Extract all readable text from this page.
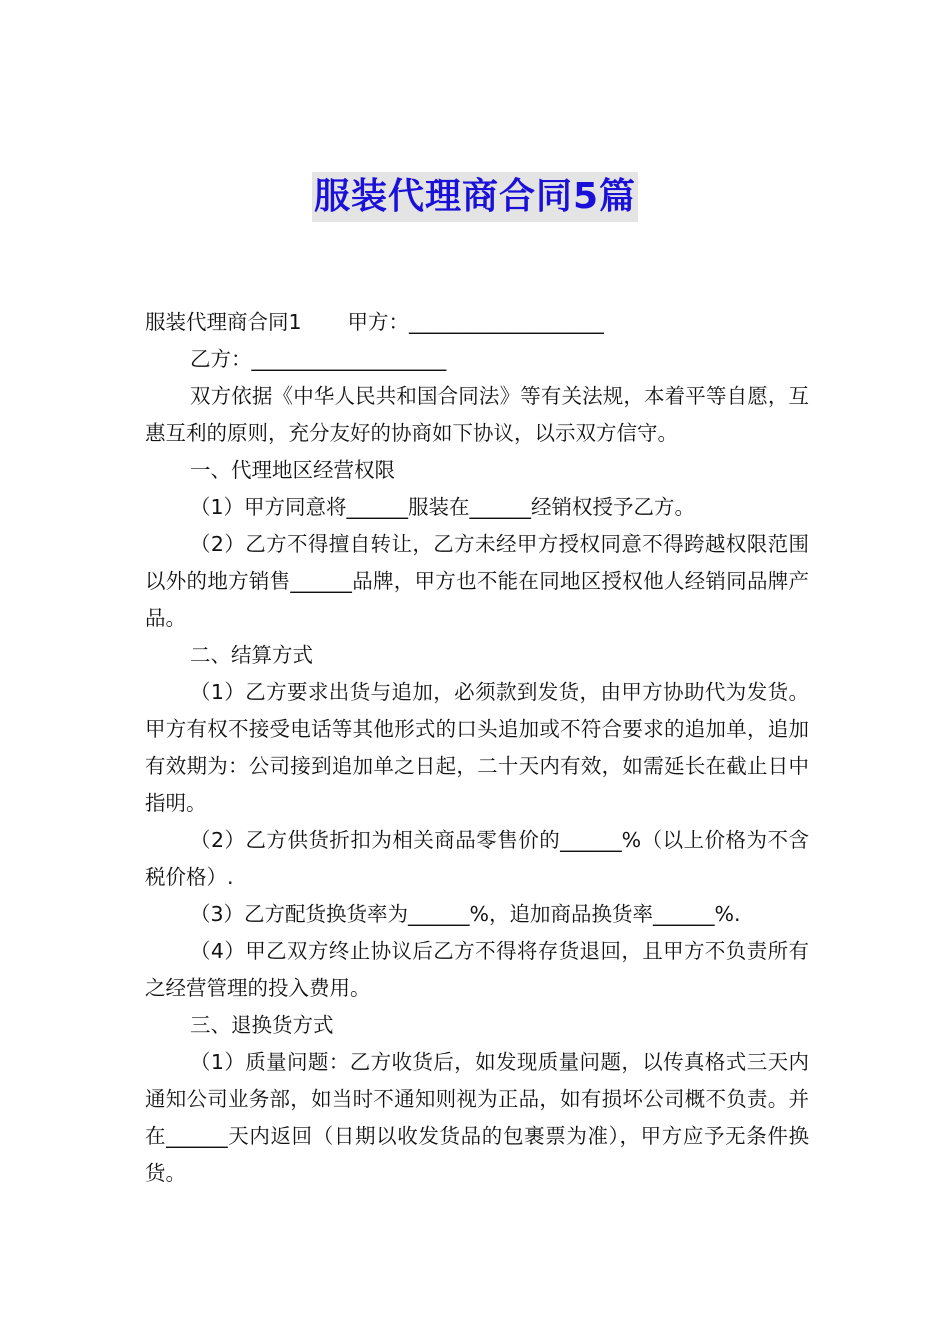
服装代理商合同5篇

服装代理商合同1 甲方：___________________

乙方：___________________

双方依据《中华人民共和国合同法》等有关法规，本着平等自愿，互惠互利的原则，充分友好的协商如下协议，以示双方信守。

一、代理地区经营权限

（1）甲方同意将______服装在______经销权授予乙方。

（2）乙方不得擅自转让，乙方未经甲方授权同意不得跨越权限范围以外的地方销售______品牌，甲方也不能在同地区授权他人经销同品牌产品。

二、结算方式

（1）乙方要求出货与追加，必须款到发货，由甲方协助代为发货。甲方有权不接受电话等其他形式的口头追加或不符合要求的追加单，追加有效期为：公司接到追加单之日起，二十天内有效，如需延长在截止日中指明。

（2）乙方供货折扣为相关商品零售价的______%（以上价格为不含税价格）.

（3）乙方配货换货率为______%，追加商品换货率______%.

（4）甲乙双方终止协议后乙方不得将存货退回，且甲方不负责所有之经营管理的投入费用。

三、退换货方式

（1）质量问题：乙方收货后，如发现质量问题，以传真格式三天内通知公司业务部，如当时不通知则视为正品，如有损坏公司概不负责。并在______天内返回（日期以收发货品的包裹票为准），甲方应予无条件换货。
